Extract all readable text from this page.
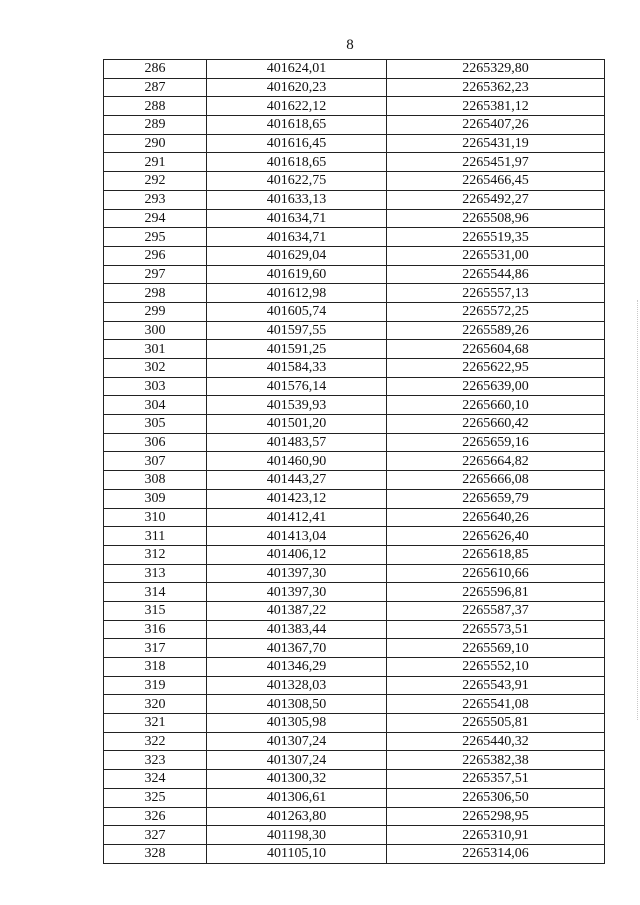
8
286	401624,01	2265329,80
287	401620,23	2265362,23
288	401622,12	2265381,12
289	401618,65	2265407,26
290	401616,45	2265431,19
291	401618,65	2265451,97
292	401622,75	2265466,45
293	401633,13	2265492,27
294	401634,71	2265508,96
295	401634,71	2265519,35
296	401629,04	2265531,00
297	401619,60	2265544,86
298	401612,98	2265557,13
299	401605,74	2265572,25
300	401597,55	2265589,26
301	401591,25	2265604,68
302	401584,33	2265622,95
303	401576,14	2265639,00
304	401539,93	2265660,10
305	401501,20	2265660,42
306	401483,57	2265659,16
307	401460,90	2265664,82
308	401443,27	2265666,08
309	401423,12	2265659,79
310	401412,41	2265640,26
311	401413,04	2265626,40
312	401406,12	2265618,85
313	401397,30	2265610,66
314	401397,30	2265596,81
315	401387,22	2265587,37
316	401383,44	2265573,51
317	401367,70	2265569,10
318	401346,29	2265552,10
319	401328,03	2265543,91
320	401308,50	2265541,08
321	401305,98	2265505,81
322	401307,24	2265440,32
323	401307,24	2265382,38
324	401300,32	2265357,51
325	401306,61	2265306,50
326	401263,80	2265298,95
327	401198,30	2265310,91
328	401105,10	2265314,06
